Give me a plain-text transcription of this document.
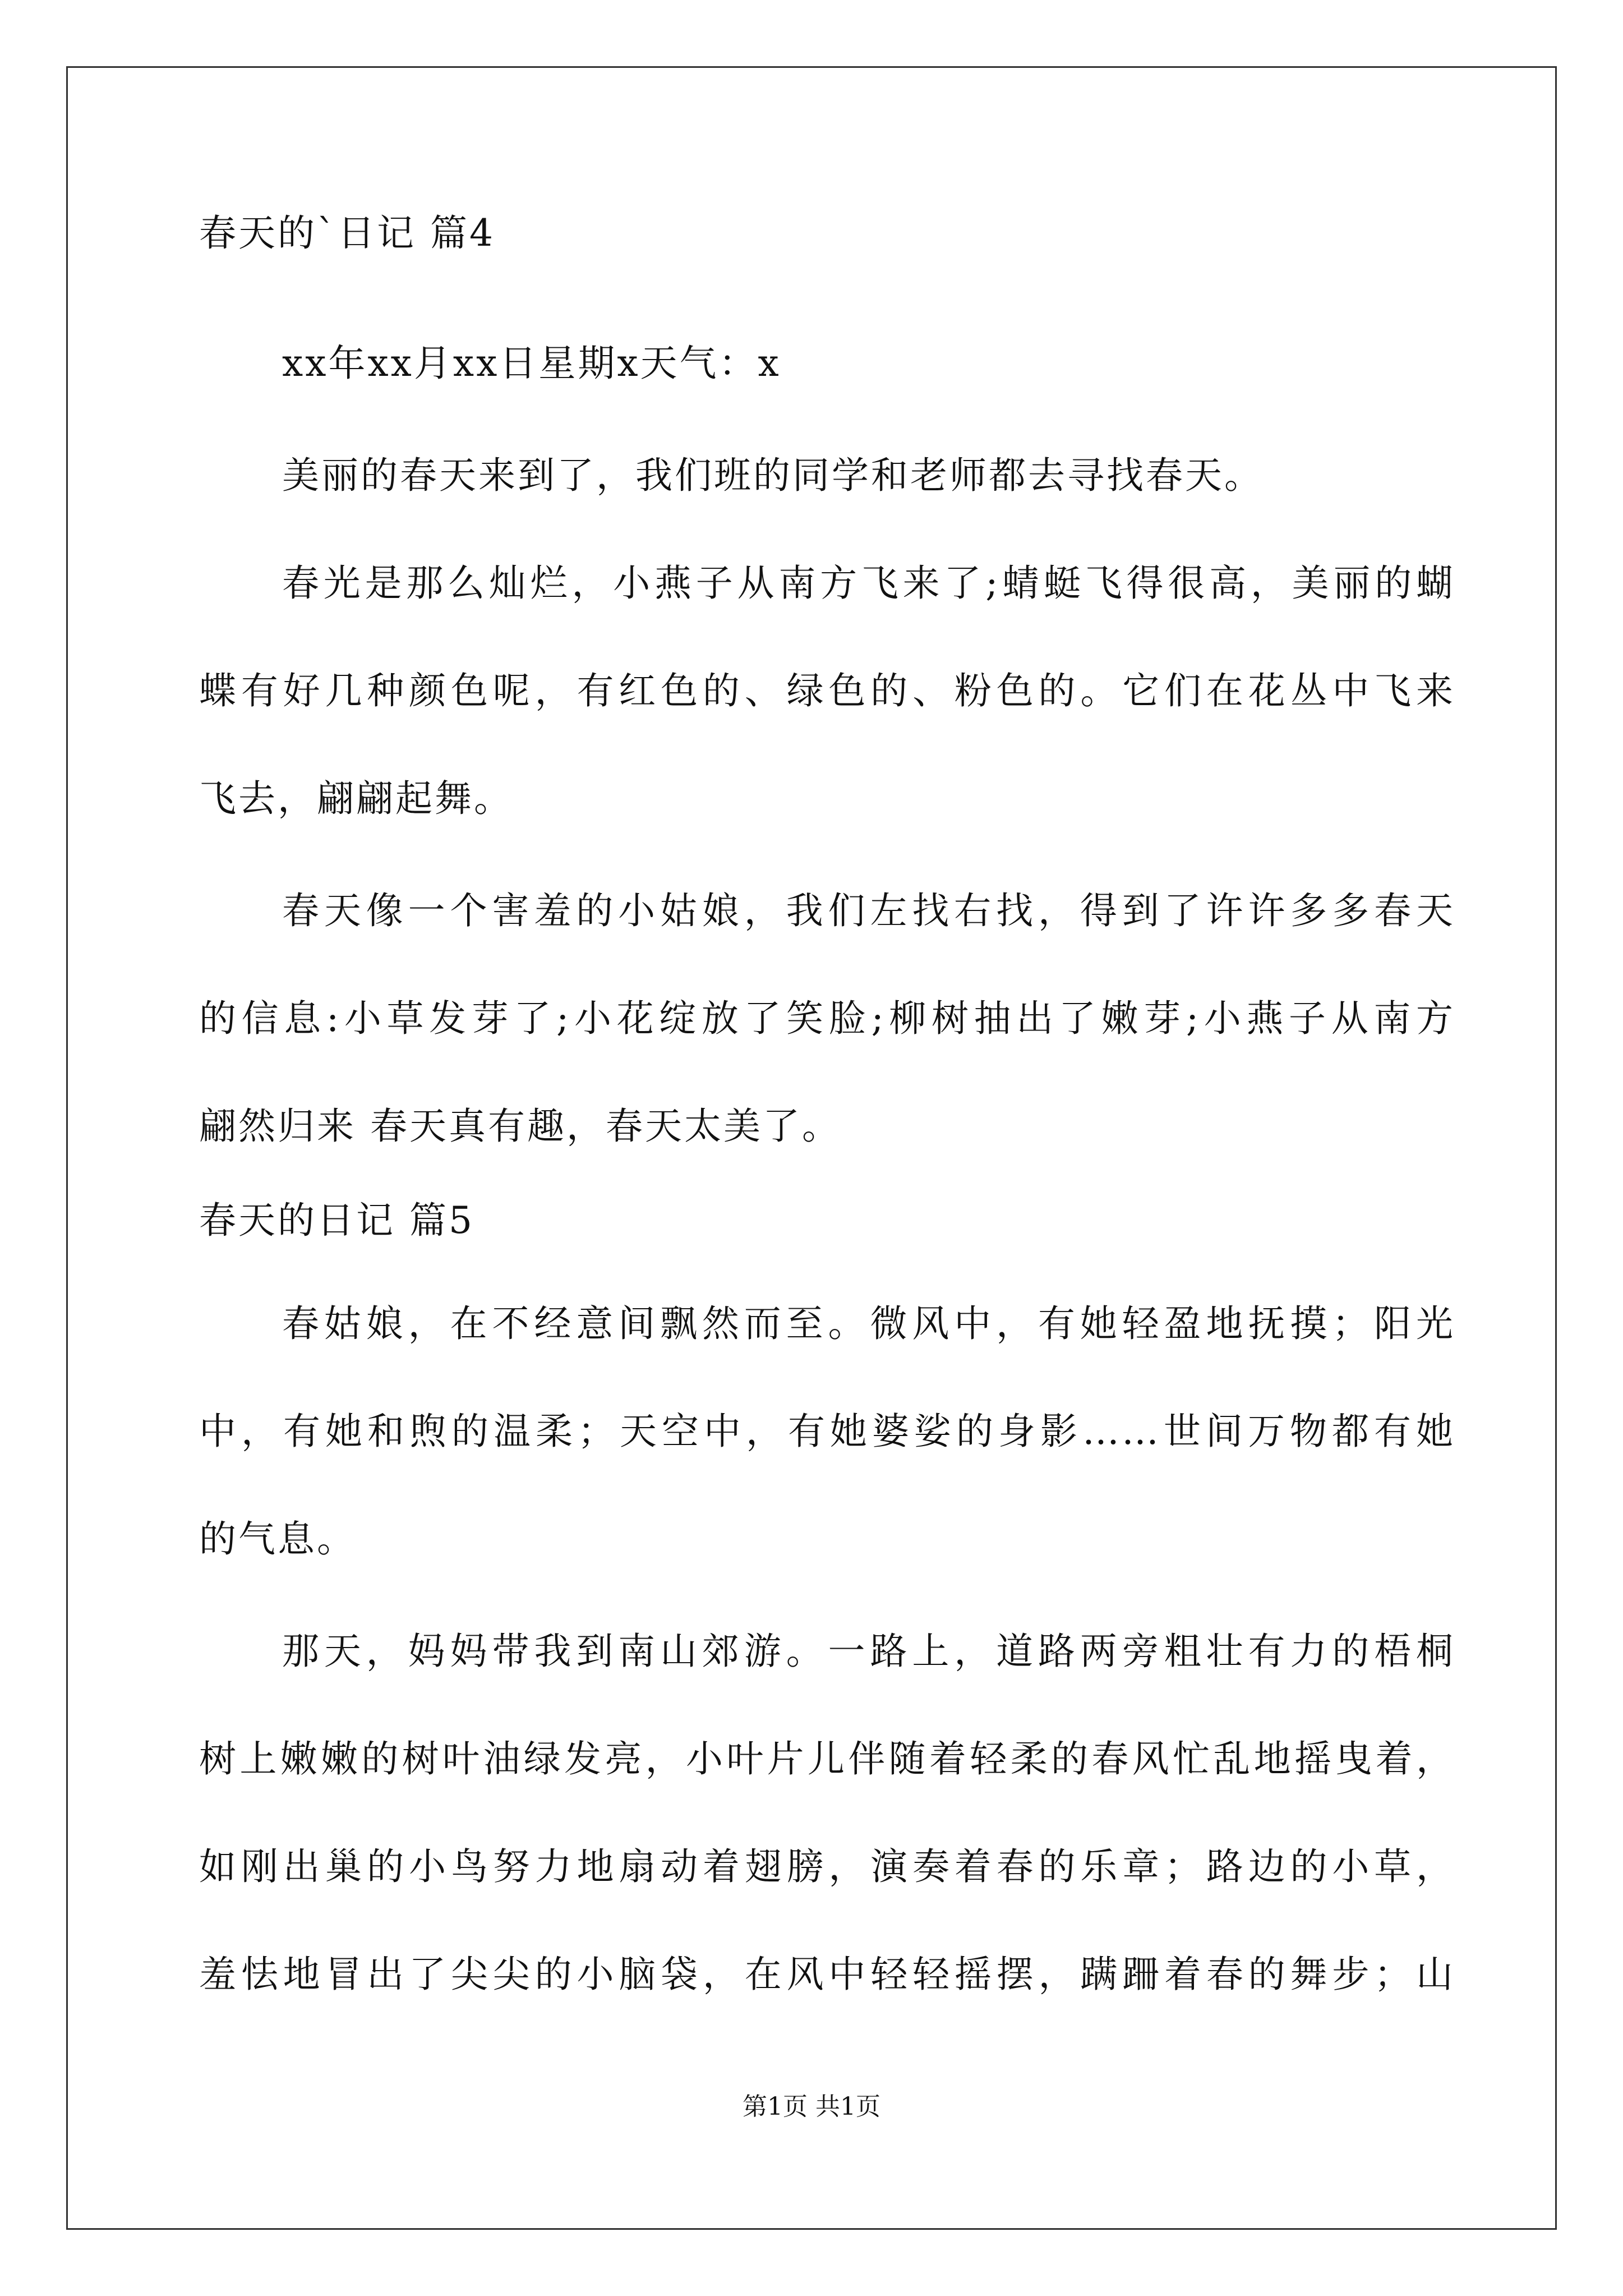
春天的`日记 篇4
xx年xx月xx日星期x天气：x
美丽的春天来到了，我们班的同学和老师都去寻找春天。
春光是那么灿烂，小燕子从南方飞来了;蜻蜓飞得很高，美丽的蝴
蝶有好几种颜色呢，有红色的、绿色的、粉色的。它们在花丛中飞来
飞去，翩翩起舞。
春天像一个害羞的小姑娘，我们左找右找，得到了许许多多春天
的信息:小草发芽了;小花绽放了笑脸;柳树抽出了嫩芽;小燕子从南方
翩然归来 春天真有趣，春天太美了。
春天的日记 篇5
春姑娘，在不经意间飘然而至。微风中，有她轻盈地抚摸；阳光
中，有她和煦的温柔；天空中，有她婆娑的身影……世间万物都有她
的气息。
那天，妈妈带我到南山郊游。一路上，道路两旁粗壮有力的梧桐
树上嫩嫩的树叶油绿发亮，小叶片儿伴随着轻柔的春风忙乱地摇曳着，
如刚出巢的小鸟努力地扇动着翅膀，演奏着春的乐章；路边的小草，
羞怯地冒出了尖尖的小脑袋，在风中轻轻摇摆，蹒跚着春的舞步；山
第1页 共1页
